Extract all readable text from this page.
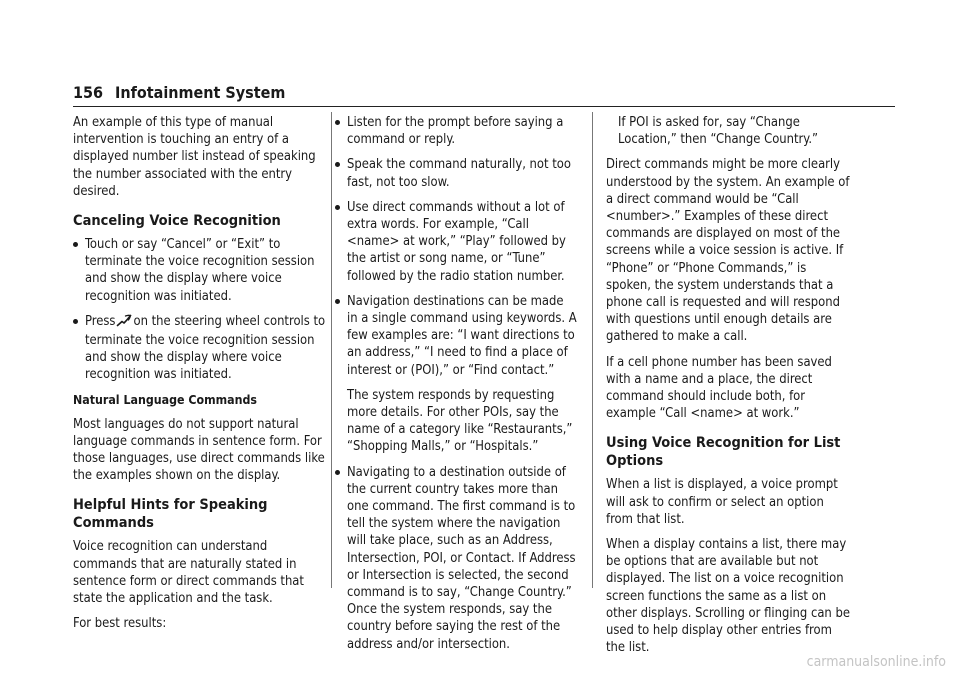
156 Infotainment System

An example of this type of manual intervention is touching an entry of a displayed number list instead of speaking the number associated with the entry desired.

Canceling Voice Recognition
Touch or say “Cancel” or “Exit” to terminate the voice recognition session and show the display where voice recognition was initiated.
Press on the steering wheel controls to terminate the voice recognition session and show the display where voice recognition was initiated.
Natural Language Commands

Most languages do not support natural language commands in sentence form. For those languages, use direct commands like the examples shown on the display.

Helpful Hints for Speaking Commands

Voice recognition can understand commands that are naturally stated in sentence form or direct commands that state the application and the task.

For best results:

Listen for the prompt before saying a command or reply.
Speak the command naturally, not too fast, not too slow.
Use direct commands without a lot of extra words. For example, “Call <name> at work,” “Play” followed by the artist or song name, or “Tune” followed by the radio station number.
Navigation destinations can be made in a single command using keywords. A few examples are: “I want directions to an address,” “I need to find a place of interest or (POI),” or “Find contact.”
The system responds by requesting more details. For other POIs, say the name of a category like “Restaurants,” “Shopping Malls,” or “Hospitals.”
Navigating to a destination outside of the current country takes more than one command. The first command is to tell the system where the navigation will take place, such as an Address, Intersection, POI, or Contact. If Address or Intersection is selected, the second command is to say, “Change Country.” Once the system responds, say the country before saying the rest of the address and/or intersection.
If POI is asked for, say “Change Location,” then “Change Country.”

Direct commands might be more clearly understood by the system. An example of a direct command would be “Call <number>.” Examples of these direct commands are displayed on most of the screens while a voice session is active. If “Phone” or “Phone Commands,” is spoken, the system understands that a phone call is requested and will respond with questions until enough details are gathered to make a call.

If a cell phone number has been saved with a name and a place, the direct command should include both, for example “Call <name> at work.”

Using Voice Recognition for List Options

When a list is displayed, a voice prompt will ask to confirm or select an option from that list.

When a display contains a list, there may be options that are available but not displayed. The list on a voice recognition screen functions the same as a list on other displays. Scrolling or flinging can be used to help display other entries from the list.

carmanualsonline.info
